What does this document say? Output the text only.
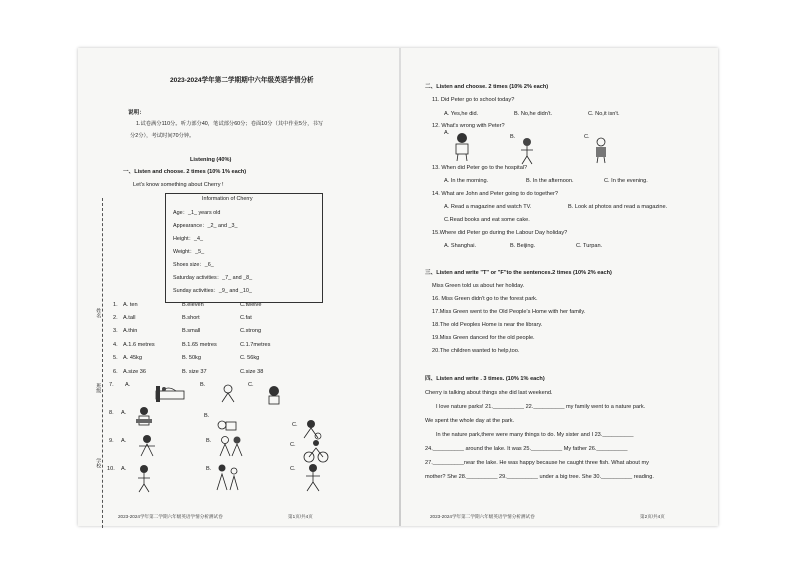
姓名
班级
学校
2023-2024学年第二学期期中六年级英语学情分析
说明：
1.试卷满分110分。听力部分40，笔试部分60分；卷面10分（其中作业5分，书写
分2分），考试时间70分钟。
Listening (40%)
一、Listen and choose. 2 times (10% 1% each)
Let's know something about Cherry !
Information of Cherry
Age：_1_ years old
Appearance：_2_ and _3_
Height：_4_
Weight：_5_
Shoes size：_6_
Saturday activities：_7_ and _8_
Sunday activities：_9_ and _10_
1. A. ten	B.eleven	C.twelve
2. A.tall	B.short	C.fat
3. A.thin	B.small	C.strong
4. A.1.6 metres	B.1.65 metres	C.1.7metres
5. A. 45kg	B. 50kg	C. 56kg
6. A.size 36	B. size 37	C.size 38
7. A.	B.	C.
8. A.	B.
C.
9. A.	B.
C.
10. A.	B.	C.
2023-2024学年第二学期六年级英语学情分析测试卷	第1页/共4页
二、Listen and choose. 2 times (10% 2% each)
11. Did Peter go to school today?
A. Yes,he did.	B. No,he didn't.	C. No,it isn't.
12. What's wrong with Peter?
A.
B.	C.
13. When did Peter go to the hospital?
A. In the morning.	B. In the afternoon.	C. In the evening.
14. What are John and Peter going to do together?
A. Read a magazine and watch TV.	B. Look at photos and read a magazine.
C.Read books and eat some cake.
15.Where did Peter go during the Labour Day holiday?
A. Shanghai.	B. Beijing.	C. Turpan.
三、Listen and write "T" or "F"to the sentences.2 times (10% 2% each)
Miss Green told us about her holiday.
16. Miss Green didn't go to the forest park.
17.Miss Green went to the Old People's Home with her family.
18.The old Peoples Home is near the library.
19.Miss Green danced for the old people.
20.The children wanted to help,too.
四、Listen and write . 3 times. (10% 1% each)
Cherry is talking about things she did last weekend.
I love nature parks! 21.__________ 22.__________ my family went to a nature park.
We spent the whole day at the park.
In the nature park,there were many things to do. My sister and I 23.__________
24.__________ around the lake. It was 25.__________ My father 26.__________
27.__________near the lake. He was happy because he caught three fish. What about my
mother? She 28.__________ 29.__________ under a big tree. She 30.__________ reading.
2023-2024学年第二学期六年级英语学情分析测试卷	第2页/共4页
